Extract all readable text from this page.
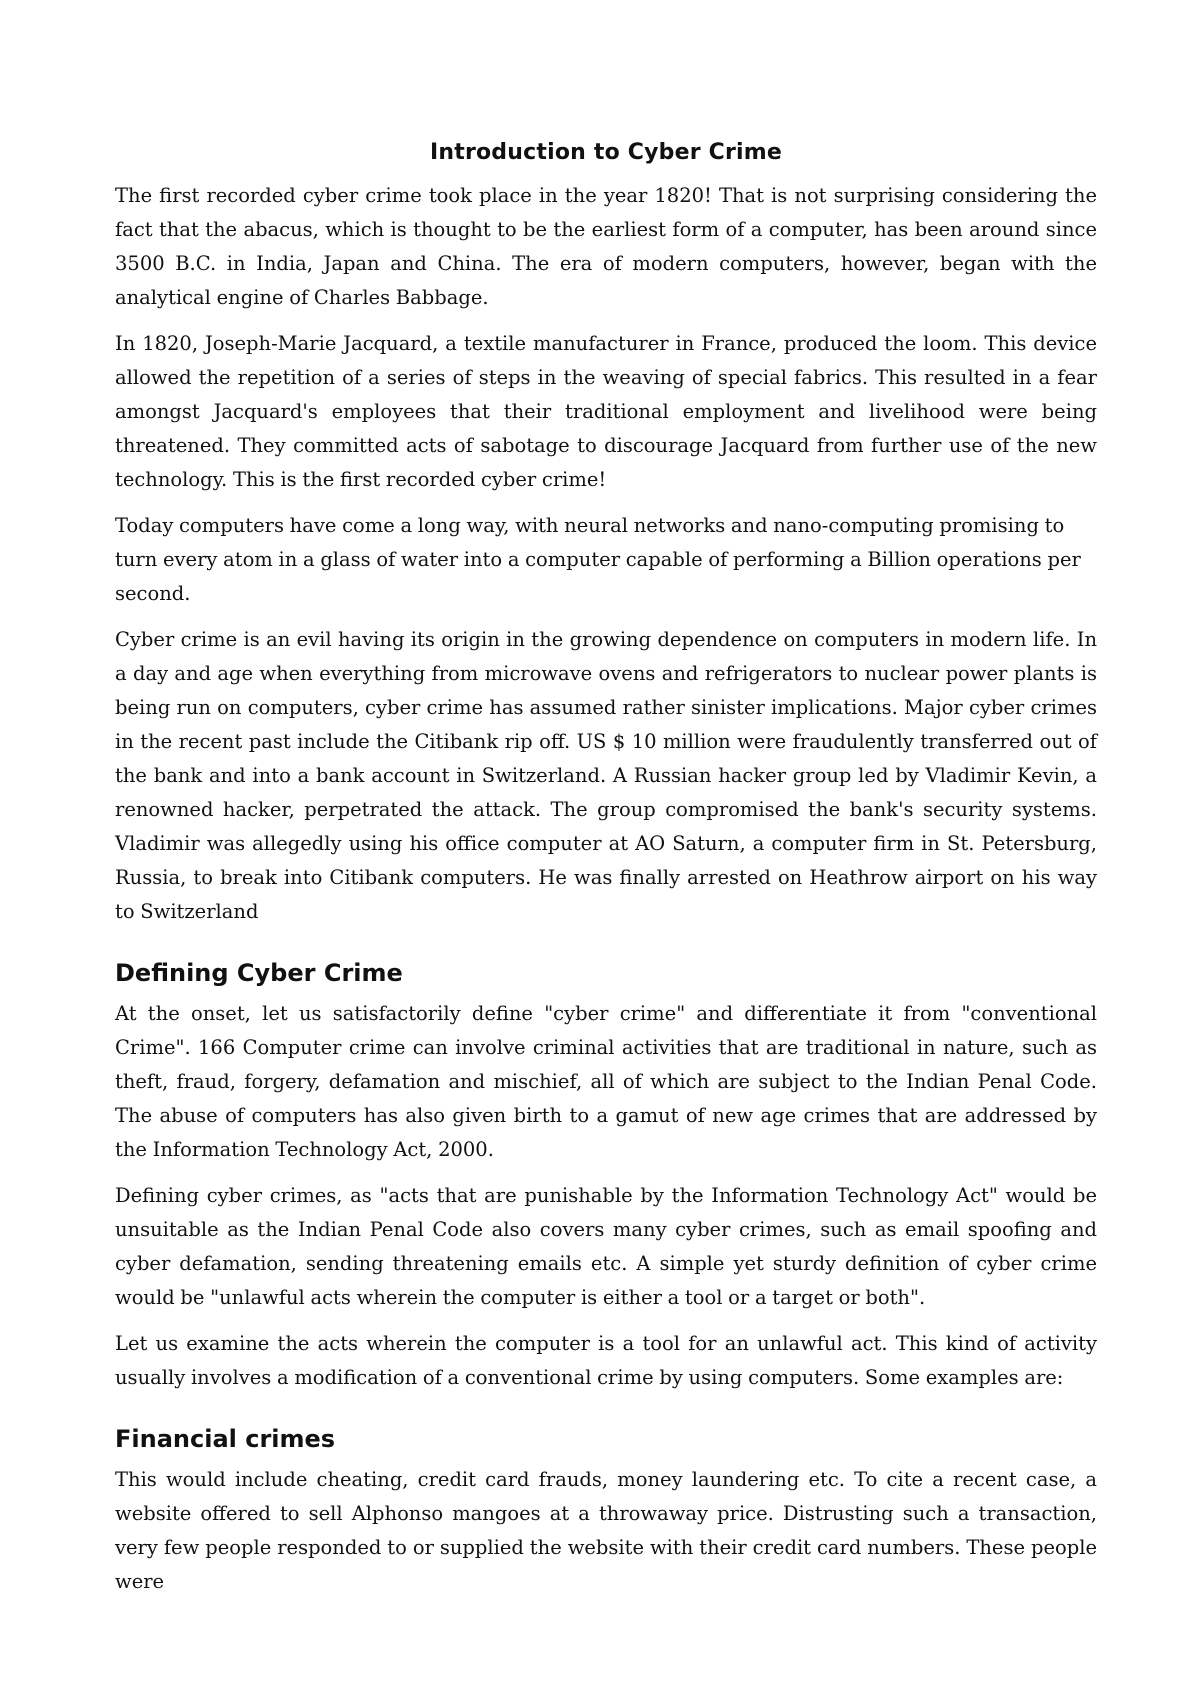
Introduction to Cyber Crime

The first recorded cyber crime took place in the year 1820! That is not surprising considering the fact that the abacus, which is thought to be the earliest form of a computer, has been around since 3500 B.C. in India, Japan and China. The era of modern computers, however, began with the analytical engine of Charles Babbage.

In 1820, Joseph-Marie Jacquard, a textile manufacturer in France, produced the loom. This device allowed the repetition of a series of steps in the weaving of special fabrics. This resulted in a fear amongst Jacquard's employees that their traditional employment and livelihood were being threatened. They committed acts of sabotage to discourage Jacquard from further use of the new technology. This is the first recorded cyber crime!

Today computers have come a long way, with neural networks and nano-computing promising to turn every atom in a glass of water into a computer capable of performing a Billion operations per second.

Cyber crime is an evil having its origin in the growing dependence on computers in modern life. In a day and age when everything from microwave ovens and refrigerators to nuclear power plants is being run on computers, cyber crime has assumed rather sinister implications. Major cyber crimes in the recent past include the Citibank rip off. US $ 10 million were fraudulently transferred out of the bank and into a bank account in Switzerland. A Russian hacker group led by Vladimir Kevin, a renowned hacker, perpetrated the attack. The group compromised the bank's security systems. Vladimir was allegedly using his office computer at AO Saturn, a computer firm in St. Petersburg, Russia, to break into Citibank computers. He was finally arrested on Heathrow airport on his way to Switzerland

Defining Cyber Crime

At the onset, let us satisfactorily define "cyber crime" and differentiate it from "conventional Crime". 166 Computer crime can involve criminal activities that are traditional in nature, such as theft, fraud, forgery, defamation and mischief, all of which are subject to the Indian Penal Code. The abuse of computers has also given birth to a gamut of new age crimes that are addressed by the Information Technology Act, 2000.

Defining cyber crimes, as "acts that are punishable by the Information Technology Act" would be unsuitable as the Indian Penal Code also covers many cyber crimes, such as email spoofing and cyber defamation, sending threatening emails etc. A simple yet sturdy definition of cyber crime would be "unlawful acts wherein the computer is either a tool or a target or both".

Let us examine the acts wherein the computer is a tool for an unlawful act. This kind of activity usually involves a modification of a conventional crime by using computers. Some examples are:

Financial crimes

This would include cheating, credit card frauds, money laundering etc. To cite a recent case, a website offered to sell Alphonso mangoes at a throwaway price. Distrusting such a transaction, very few people responded to or supplied the website with their credit card numbers. These people were
